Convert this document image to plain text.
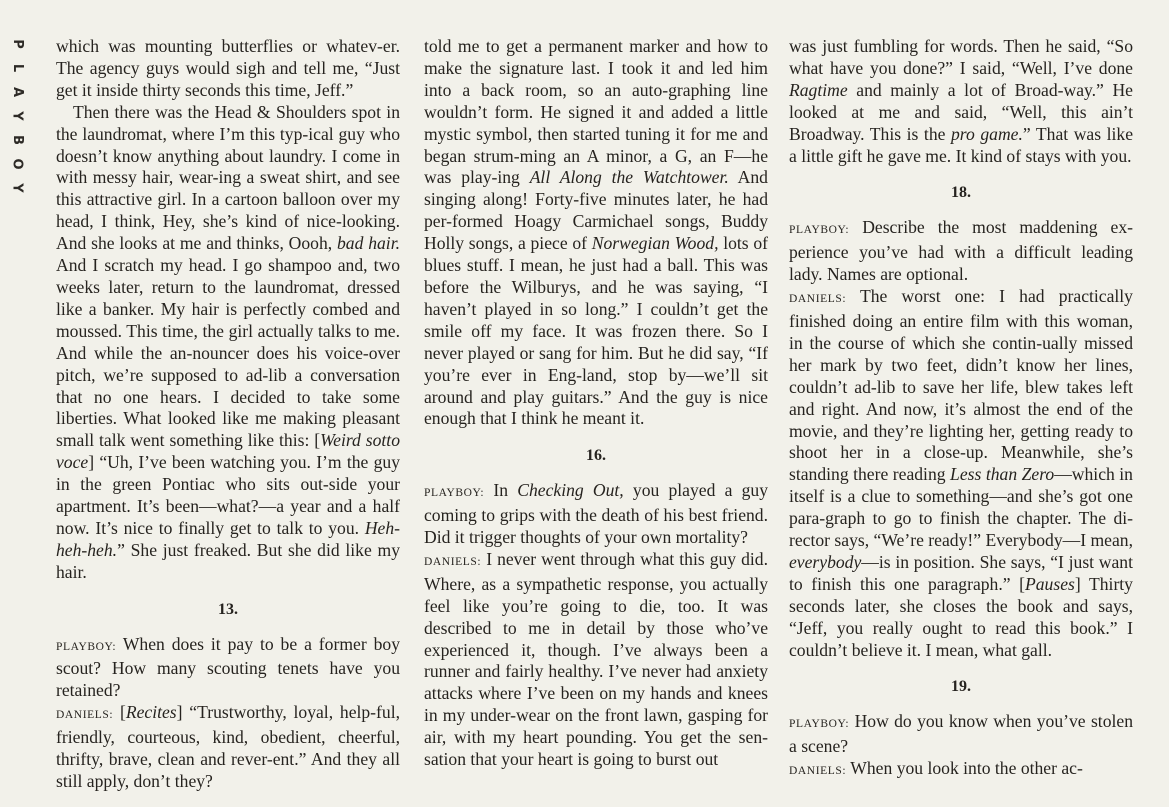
P
L
A
Y
B
O
Y

which was mounting butterflies or whatev-er. The agency guys would sigh and tell me, “Just get it inside thirty seconds this time, Jeff.”

Then there was the Head & Shoulders spot in the laundromat, where I’m this typ-ical guy who doesn’t know anything about laundry. I come in with messy hair, wear-ing a sweat shirt, and see this attractive girl. In a cartoon balloon over my head, I think, Hey, she’s kind of nice-looking. And she looks at me and thinks, Oooh, bad hair. And I scratch my head. I go shampoo and, two weeks later, return to the laundromat, dressed like a banker. My hair is perfectly combed and moussed. This time, the girl actually talks to me. And while the an-nouncer does his voice-over pitch, we’re supposed to ad-lib a conversation that no one hears. I decided to take some liberties. What looked like me making pleasant small talk went something like this: [Weird sotto voce] “Uh, I’ve been watching you. I’m the guy in the green Pontiac who sits out-side your apartment. It’s been—what?—a year and a half now. It’s nice to finally get to talk to you. Heh-heh-heh.” She just freaked. But she did like my hair.

13.

PLAYBOY: When does it pay to be a former boy scout? How many scouting tenets have you retained?

DANIELS: [Recites] “Trustworthy, loyal, help-ful, friendly, courteous, kind, obedient, cheerful, thrifty, brave, clean and rever-ent.” And they all still apply, don’t they?

told me to get a permanent marker and how to make the signature last. I took it and led him into a back room, so an auto-graphing line wouldn’t form. He signed it and added a little mystic symbol, then started tuning it for me and began strum-ming an A minor, a G, an F—he was play-ing All Along the Watchtower. And singing along! Forty-five minutes later, he had per-formed Hoagy Carmichael songs, Buddy Holly songs, a piece of Norwegian Wood, lots of blues stuff. I mean, he just had a ball. This was before the Wilburys, and he was saying, “I haven’t played in so long.” I couldn’t get the smile off my face. It was frozen there. So I never played or sang for him. But he did say, “If you’re ever in Eng-land, stop by—we’ll sit around and play guitars.” And the guy is nice enough that I think he meant it.

16.

PLAYBOY: In Checking Out, you played a guy coming to grips with the death of his best friend. Did it trigger thoughts of your own mortality?

DANIELS: I never went through what this guy did. Where, as a sympathetic response, you actually feel like you’re going to die, too. It was described to me in detail by those who’ve experienced it, though. I’ve always been a runner and fairly healthy. I’ve never had anxiety attacks where I’ve been on my hands and knees in my under-wear on the front lawn, gasping for air, with my heart pounding. You get the sen-sation that your heart is going to burst out

was just fumbling for words. Then he said, “So what have you done?” I said, “Well, I’ve done Ragtime and mainly a lot of Broad-way.” He looked at me and said, “Well, this ain’t Broadway. This is the pro game.” That was like a little gift he gave me. It kind of stays with you.

18.

PLAYBOY: Describe the most maddening ex-perience you’ve had with a difficult leading lady. Names are optional.

DANIELS: The worst one: I had practically finished doing an entire film with this woman, in the course of which she contin-ually missed her mark by two feet, didn’t know her lines, couldn’t ad-lib to save her life, blew takes left and right. And now, it’s almost the end of the movie, and they’re lighting her, getting ready to shoot her in a close-up. Meanwhile, she’s standing there reading Less than Zero—which in itself is a clue to something—and she’s got one para-graph to go to finish the chapter. The di-rector says, “We’re ready!” Everybody—I mean, everybody—is in position. She says, “I just want to finish this one paragraph.” [Pauses] Thirty seconds later, she closes the book and says, “Jeff, you really ought to read this book.” I couldn’t believe it. I mean, what gall.

19.

PLAYBOY: How do you know when you’ve stolen a scene?

DANIELS: When you look into the other ac-
